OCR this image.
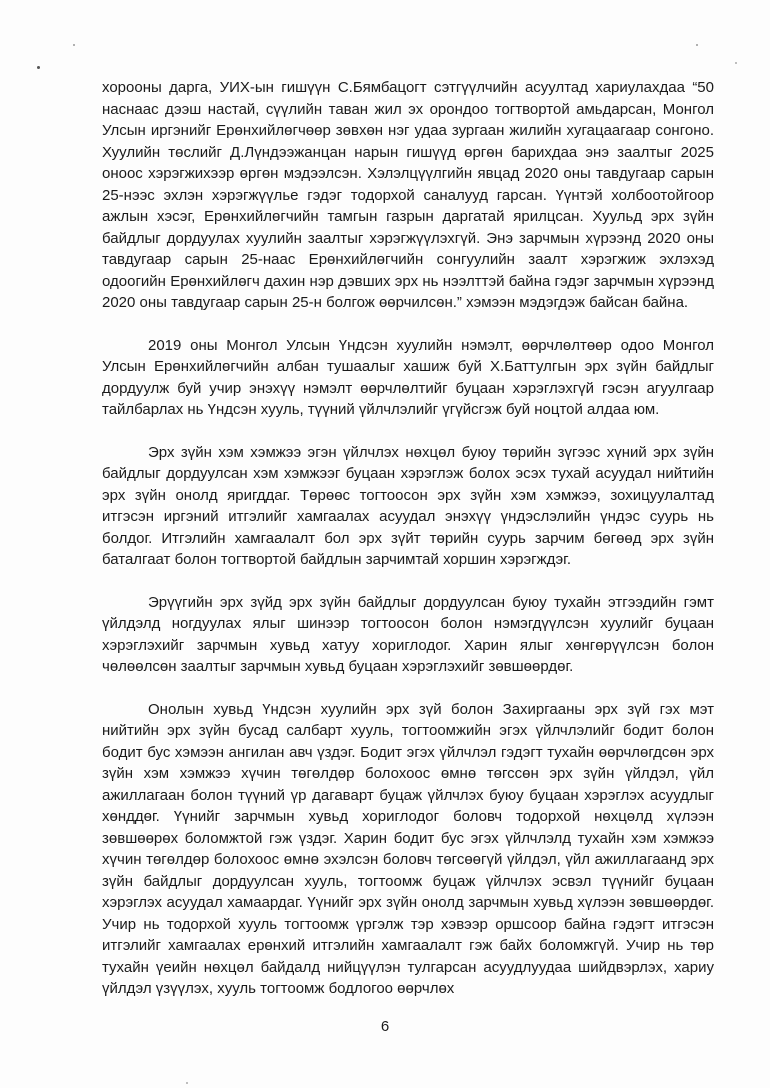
хорооны дарга, УИХ-ын гишүүн С.Бямбацогт сэтгүүлчийн асуултад хариулахдаа “50 наснаас дээш настай, сүүлийн таван жил эх орондоо тогтвортой амьдарсан, Монгол Улсын иргэнийг Ерөнхийлөгчөөр зөвхөн нэг удаа зургаан жилийн хугацаагаар сонгоно. Хуулийн төслийг Д.Лүндээжанцан нарын гишүүд өргөн барихдаа энэ заалтыг 2025 оноос хэрэгжихээр өргөн мэдээлсэн. Хэлэлцүүлгийн явцад 2020 оны тавдугаар сарын 25-нээс эхлэн хэрэгжүүлье гэдэг тодорхой саналууд гарсан. Үүнтэй холбоотойгоор ажлын хэсэг, Ерөнхийлөгчийн тамгын газрын даргатай ярилцсан. Хуульд эрх зүйн байдлыг дордуулах хуулийн заалтыг хэрэгжүүлэхгүй. Энэ зарчмын хүрээнд 2020 оны тавдугаар сарын 25-наас Ерөнхийлөгчийн сонгуулийн заалт хэрэгжиж эхлэхэд одоогийн Ерөнхийлөгч дахин нэр дэвших эрх нь нээлттэй байна гэдэг зарчмын хүрээнд 2020 оны тавдугаар сарын 25-н болгож өөрчилсөн.” хэмээн мэдэгдэж байсан байна.

2019 оны Монгол Улсын Үндсэн хуулийн нэмэлт, өөрчлөлтөөр одоо Монгол Улсын Ерөнхийлөгчийн албан тушаалыг хашиж буй Х.Баттулгын эрх зүйн байдлыг дордуулж буй учир энэхүү нэмэлт өөрчлөлтийг буцаан хэрэглэхгүй гэсэн агуулгаар тайлбарлах нь Үндсэн хууль, түүний үйлчлэлийг үгүйсгэж буй ноцтой алдаа юм.

Эрх зүйн хэм хэмжээ эгэн үйлчлэх нөхцөл буюу төрийн зүгээс хүний эрх зүйн байдлыг дордуулсан хэм хэмжээг буцаан хэрэглэж болох эсэх тухай асуудал нийтийн эрх зүйн онолд яригддаг. Төрөөс тогтоосон эрх зүйн хэм хэмжээ, зохицуулалтад итгэсэн иргэний итгэлийг хамгаалах асуудал энэхүү үндэслэлийн үндэс суурь нь болдог. Итгэлийн хамгаалалт бол эрх зүйт төрийн суурь зарчим бөгөөд эрх зүйн баталгаат болон тогтвортой байдлын зарчимтай хоршин хэрэгждэг.

Эрүүгийн эрх зүйд эрх зүйн байдлыг дордуулсан буюу тухайн этгээдийн гэмт үйлдэлд ногдуулах ялыг шинээр тогтоосон болон нэмэгдүүлсэн хуулийг буцаан хэрэглэхийг зарчмын хувьд хатуу хориглодог. Харин ялыг хөнгөрүүлсэн болон чөлөөлсөн заалтыг зарчмын хувьд буцаан хэрэглэхийг зөвшөөрдөг.

Онолын хувьд Үндсэн хуулийн эрх зүй болон Захиргааны эрх зүй гэх мэт нийтийн эрх зүйн бусад салбарт хууль, тогтоомжийн эгэх үйлчлэлийг бодит болон бодит бус хэмээн ангилан авч үздэг. Бодит эгэх үйлчлэл гэдэгт тухайн өөрчлөгдсөн эрх зүйн хэм хэмжээ хүчин төгөлдөр болохоос өмнө төгссөн эрх зүйн үйлдэл, үйл ажиллагаан болон түүний үр дагаварт буцаж үйлчлэх буюу буцаан хэрэглэх асуудлыг хөнддөг. Үүнийг зарчмын хувьд хориглодог боловч тодорхой нөхцөлд хүлээн зөвшөөрөх боломжтой гэж үздэг. Харин бодит бус эгэх үйлчлэлд тухайн хэм хэмжээ хүчин төгөлдөр болохоос өмнө эхэлсэн боловч төгсөөгүй үйлдэл, үйл ажиллагаанд эрх зүйн байдлыг дордуулсан хууль, тогтоомж буцаж үйлчлэх эсвэл түүнийг буцаан хэрэглэх асуудал хамаардаг. Үүнийг эрх зүйн онолд зарчмын хувьд хүлээн зөвшөөрдөг. Учир нь тодорхой хууль тогтоомж үргэлж тэр хэвээр оршсоор байна гэдэгт итгэсэн итгэлийг хамгаалах ерөнхий итгэлийн хамгаалалт гэж байх боломжгүй. Учир нь төр тухайн үеийн нөхцөл байдалд нийцүүлэн тулгарсан асуудлуудаа шийдвэрлэх, хариу үйлдэл үзүүлэх, хууль тогтоомж бодлогоо өөрчлөх

6
